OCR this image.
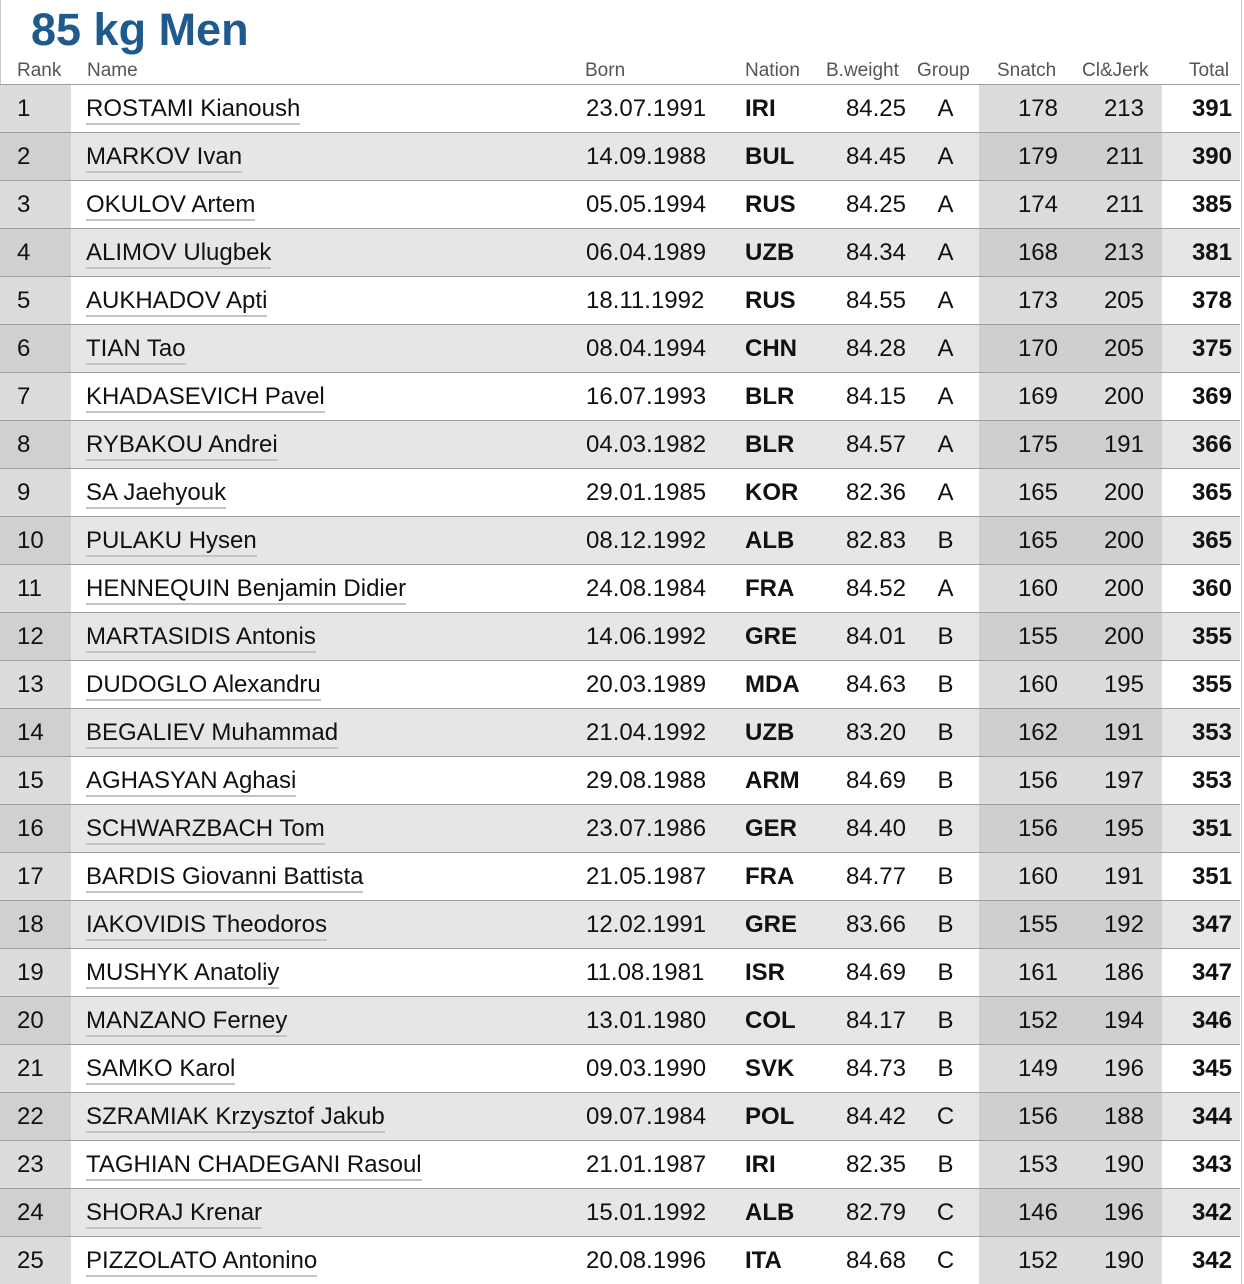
85 kg Men
Rank Name	Born	Nation B.weight Group Snatch Cl&Jerk Total
1	ROSTAMI Kianoush	23.07.1991	IRI	84.25	A	178	213	391
2	MARKOV Ivan	14.09.1988	BUL	84.45	A	179	211	390
3	OKULOV Artem	05.05.1994	RUS	84.25	A	174	211	385
4	ALIMOV Ulugbek	06.04.1989	UZB	84.34	A	168	213	381
5	AUKHADOV Apti	18.11.1992	RUS	84.55	A	173	205	378
6	TIAN Tao	08.04.1994	CHN	84.28	A	170	205	375
7	KHADASEVICH Pavel	16.07.1993	BLR	84.15	A	169	200	369
8	RYBAKOU Andrei	04.03.1982	BLR	84.57	A	175	191	366
9	SA Jaehyouk	29.01.1985	KOR	82.36	A	165	200	365
10	PULAKU Hysen	08.12.1992	ALB	82.83	B	165	200	365
11	HENNEQUIN Benjamin Didier	24.08.1984	FRA	84.52	A	160	200	360
12	MARTASIDIS Antonis	14.06.1992	GRE	84.01	B	155	200	355
13	DUDOGLO Alexandru	20.03.1989	MDA	84.63	B	160	195	355
14	BEGALIEV Muhammad	21.04.1992	UZB	83.20	B	162	191	353
15	AGHASYAN Aghasi	29.08.1988	ARM	84.69	B	156	197	353
16	SCHWARZBACH Tom	23.07.1986	GER	84.40	B	156	195	351
17	BARDIS Giovanni Battista	21.05.1987	FRA	84.77	B	160	191	351
18	IAKOVIDIS Theodoros	12.02.1991	GRE	83.66	B	155	192	347
19	MUSHYK Anatoliy	11.08.1981	ISR	84.69	B	161	186	347
20	MANZANO Ferney	13.01.1980	COL	84.17	B	152	194	346
21	SAMKO Karol	09.03.1990	SVK	84.73	B	149	196	345
22	SZRAMIAK Krzysztof Jakub	09.07.1984	POL	84.42	C	156	188	344
23	TAGHIAN CHADEGANI Rasoul	21.01.1987	IRI	82.35	B	153	190	343
24	SHORAJ Krenar	15.01.1992	ALB	82.79	C	146	196	342
25	PIZZOLATO Antonino	20.08.1996	ITA	84.68	C	152	190	342
